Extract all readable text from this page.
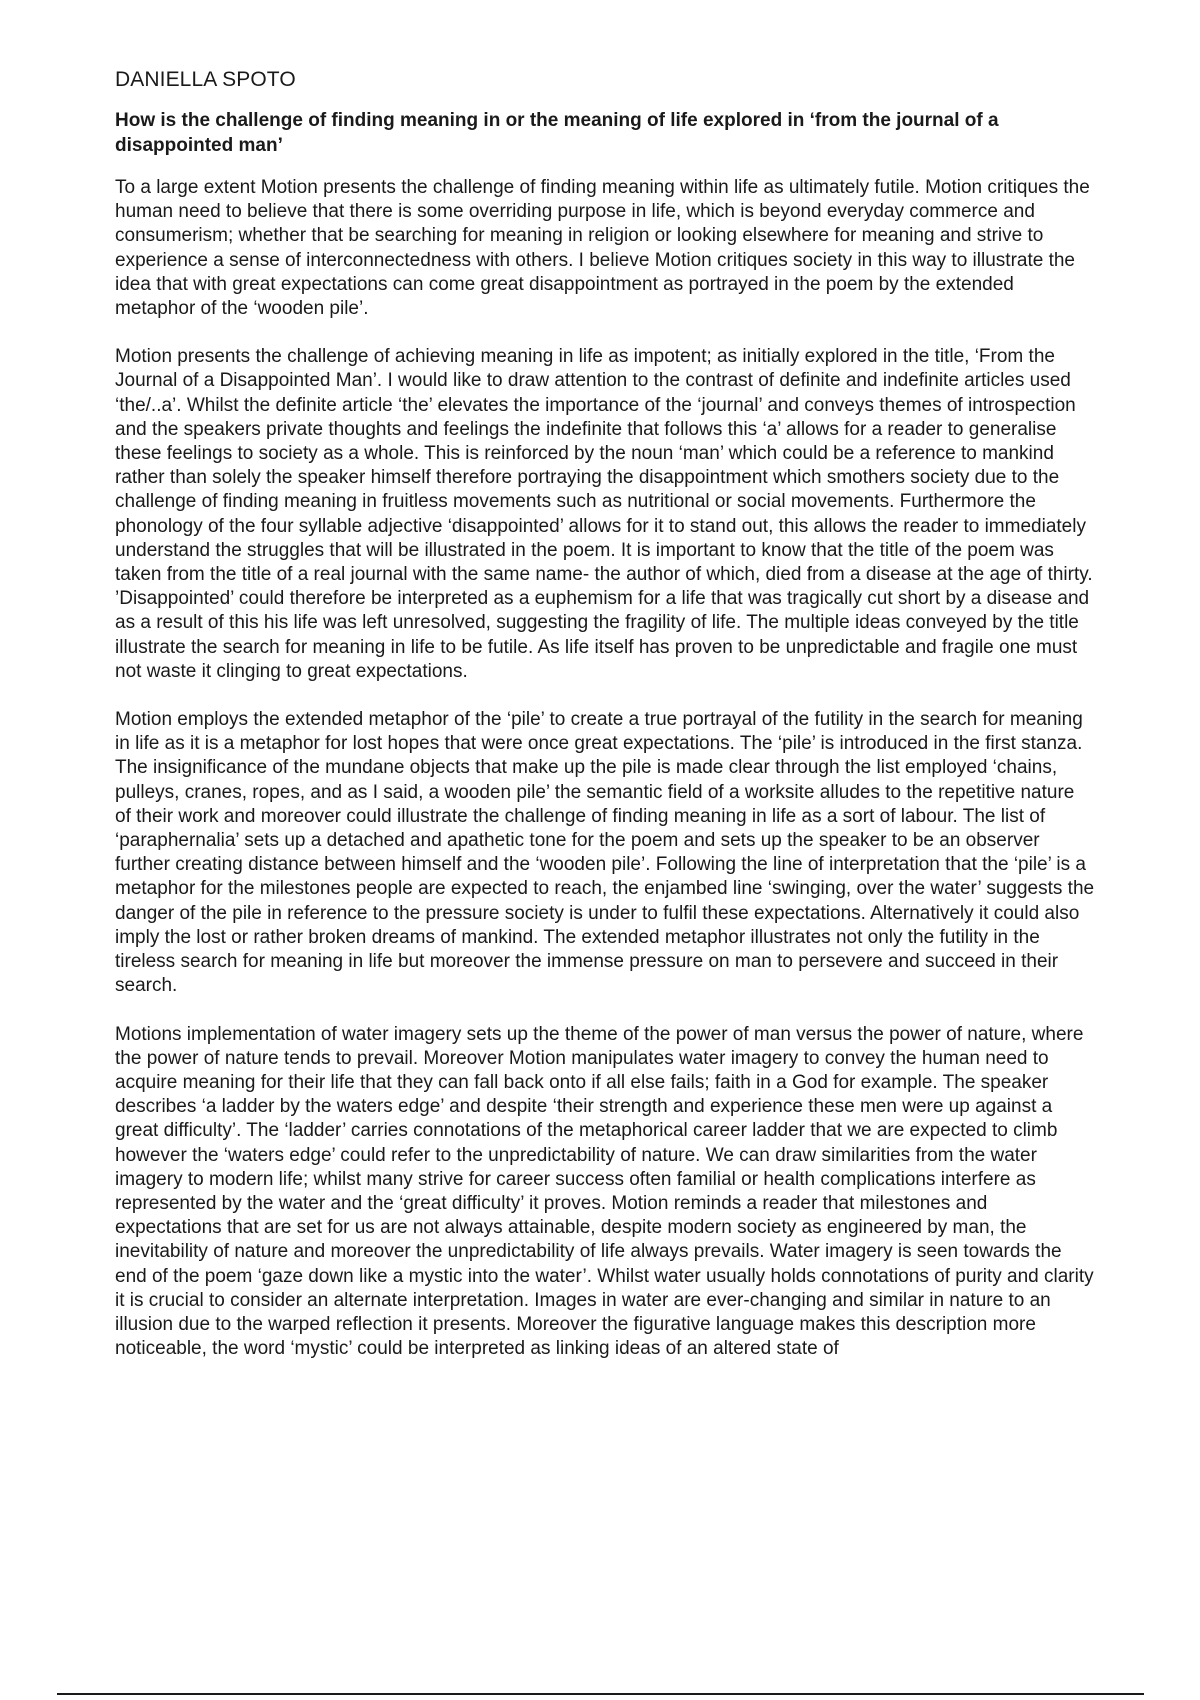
DANIELLA SPOTO
How is the challenge of finding meaning in or the meaning of life explored in ‘from the journal of a disappointed man’

To a large extent Motion presents the challenge of finding meaning within life as ultimately futile. Motion critiques the human need to believe that there is some overriding purpose in life, which is beyond everyday commerce and consumerism; whether that be searching for meaning in religion or looking elsewhere for meaning and strive to experience a sense of interconnectedness with others. I believe Motion critiques society in this way to illustrate the idea that with great expectations can come great disappointment as portrayed in the poem by the extended metaphor of the ‘wooden pile’.

Motion presents the challenge of achieving meaning in life as impotent; as initially explored in the title, ‘From the Journal of a Disappointed Man’. I would like to draw attention to the contrast of definite and indefinite articles used ‘the/..a’. Whilst the definite article ‘the’ elevates the importance of the ‘journal’ and conveys themes of introspection and the speakers private thoughts and feelings the indefinite that follows this ‘a’ allows for a reader to generalise these feelings to society as a whole. This is reinforced by the noun ‘man’ which could be a reference to mankind rather than solely the speaker himself therefore portraying the disappointment which smothers society due to the challenge of finding meaning in fruitless movements such as nutritional or social movements. Furthermore the phonology of the four syllable adjective ‘disappointed’ allows for it to stand out, this allows the reader to immediately understand the struggles that will be illustrated in the poem. It is important to know that the title of the poem was taken from the title of a real journal with the same name- the author of which, died from a disease at the age of thirty. ’Disappointed’ could therefore be interpreted as a euphemism for a life that was tragically cut short by a disease and as a result of this his life was left unresolved, suggesting the fragility of life. The multiple ideas conveyed by the title illustrate the search for meaning in life to be futile. As life itself has proven to be unpredictable and fragile one must not waste it clinging to great expectations.

Motion employs the extended metaphor of the ‘pile’ to create a true portrayal of the futility in the search for meaning in life as it is a metaphor for lost hopes that were once great expectations. The ‘pile’ is introduced in the first stanza. The insignificance of the mundane objects that make up the pile is made clear through the list employed ‘chains, pulleys, cranes, ropes, and as I said, a wooden pile’ the semantic field of a worksite alludes to the repetitive nature of their work and moreover could illustrate the challenge of finding meaning in life as a sort of labour. The list of ‘paraphernalia’ sets up a detached and apathetic tone for the poem and sets up the speaker to be an observer further creating distance between himself and the ‘wooden pile’. Following the line of interpretation that the ‘pile’ is a metaphor for the milestones people are expected to reach, the enjambed line ‘swinging, over the water’ suggests the danger of the pile in reference to the pressure society is under to fulfil these expectations. Alternatively it could also imply the lost or rather broken dreams of mankind. The extended metaphor illustrates not only the futility in the tireless search for meaning in life but moreover the immense pressure on man to persevere and succeed in their search.

Motions implementation of water imagery sets up the theme of the power of man versus the power of nature, where the power of nature tends to prevail. Moreover Motion manipulates water imagery to convey the human need to acquire meaning for their life that they can fall back onto if all else fails; faith in a God for example. The speaker describes ‘a ladder by the waters edge’ and despite ‘their strength and experience these men were up against a great difficulty’. The ‘ladder’ carries connotations of the metaphorical career ladder that we are expected to climb however the ‘waters edge’ could refer to the unpredictability of nature. We can draw similarities from the water imagery to modern life; whilst many strive for career success often familial or health complications interfere as represented by the water and the ‘great difficulty’ it proves. Motion reminds a reader that milestones and expectations that are set for us are not always attainable, despite modern society as engineered by man, the inevitability of nature and moreover the unpredictability of life always prevails. Water imagery is seen towards the end of the poem ‘gaze down like a mystic into the water’. Whilst water usually holds connotations of purity and clarity it is crucial to consider an alternate interpretation. Images in water are ever-changing and similar in nature to an illusion due to the warped reflection it presents. Moreover the figurative language makes this description more noticeable, the word ‘mystic’ could be interpreted as linking ideas of an altered state of
